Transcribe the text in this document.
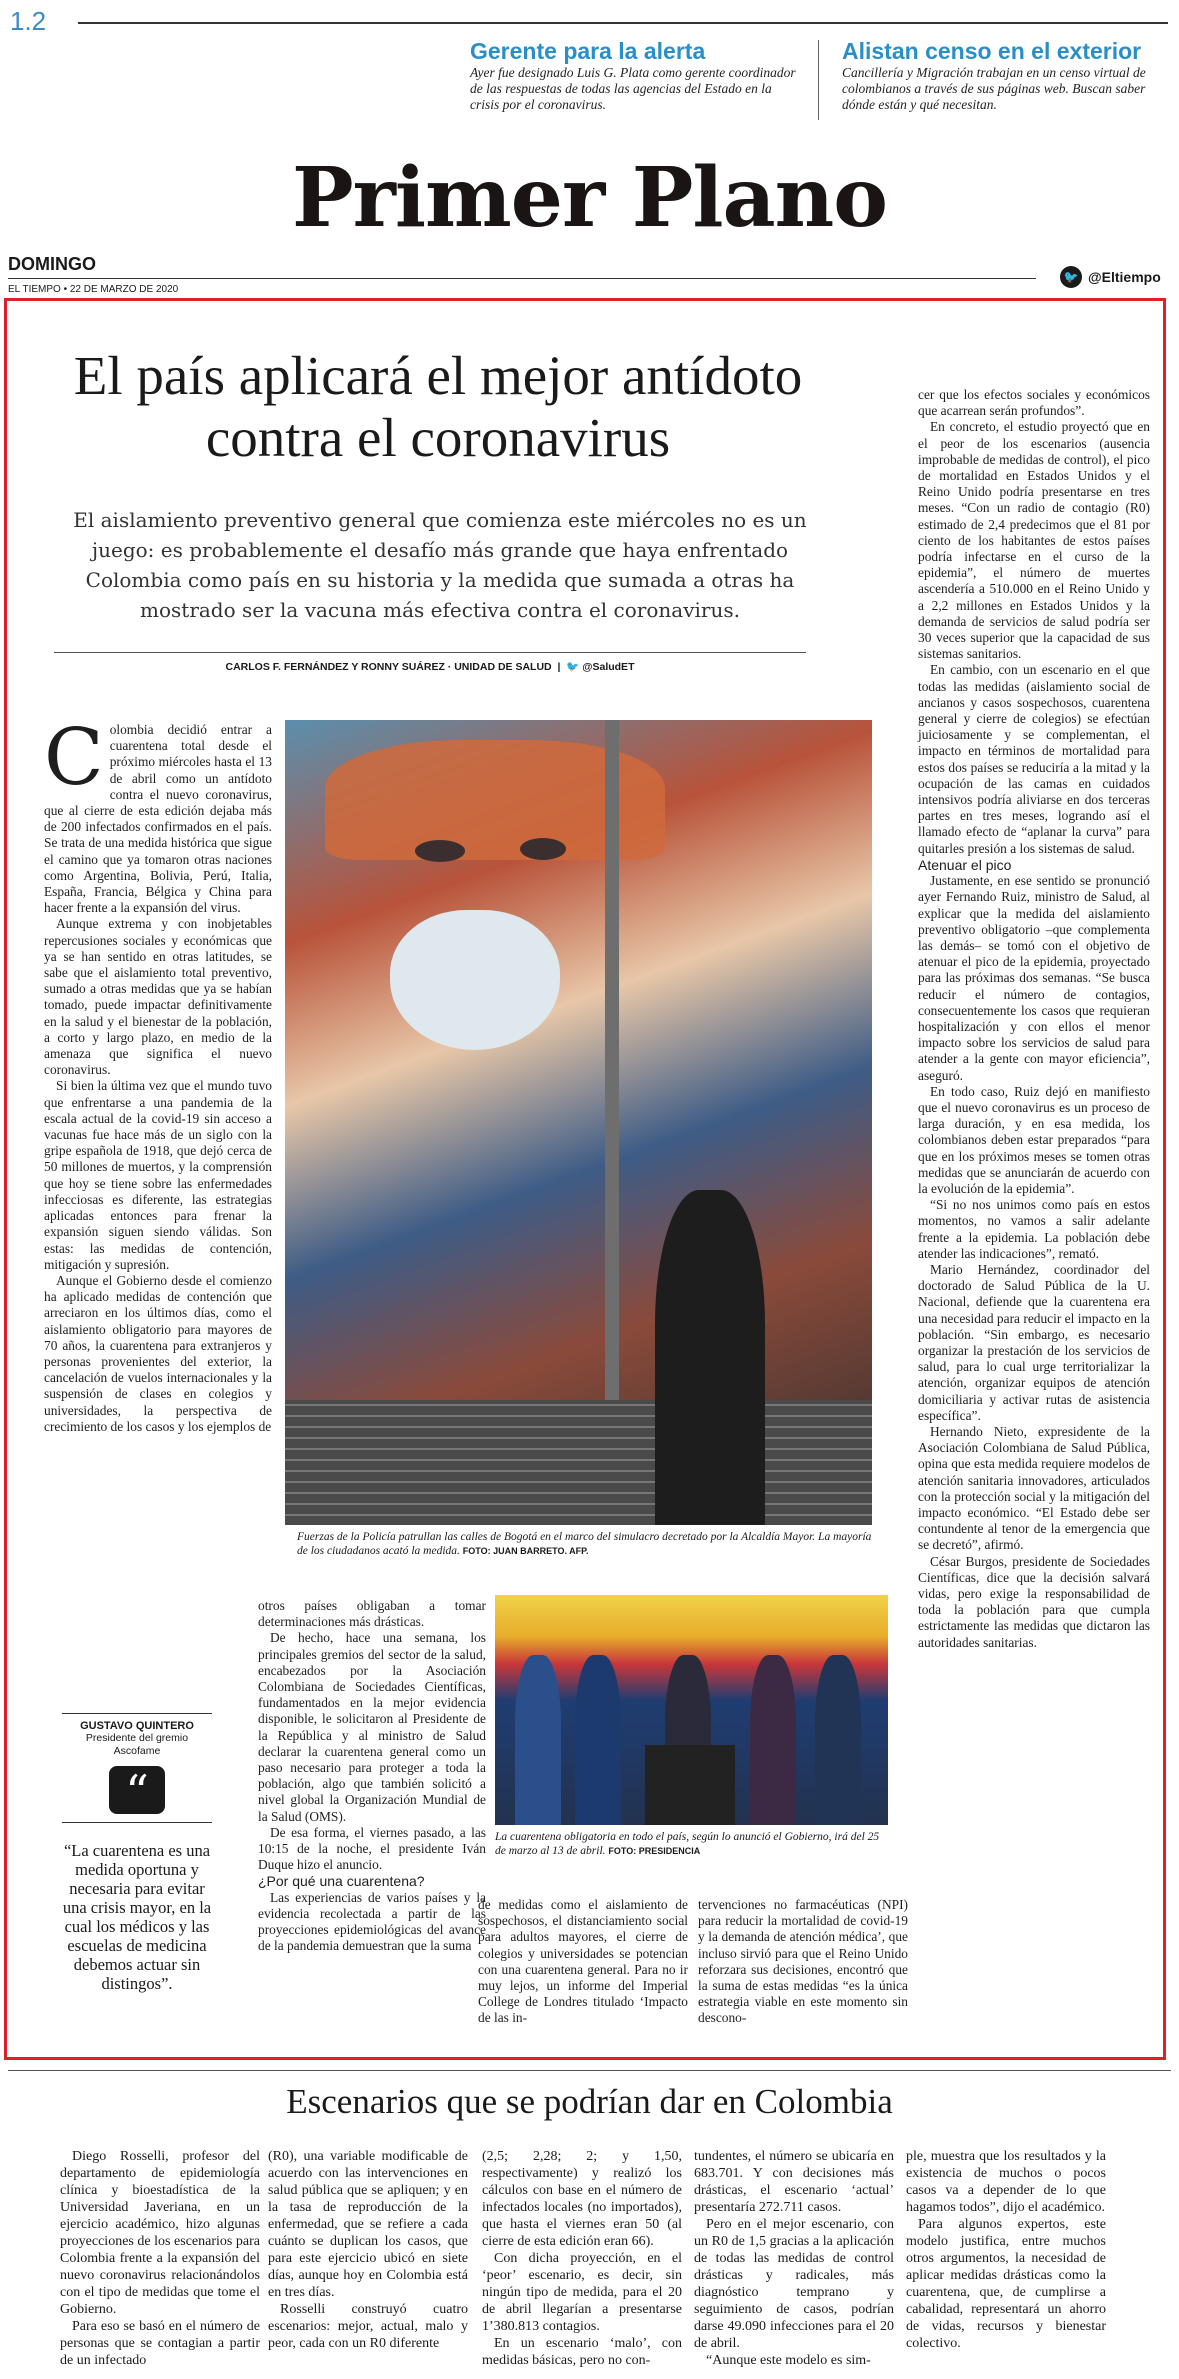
1.2
Gerente para la alerta
Ayer fue designado Luis G. Plata como gerente coordinador de las respuestas de todas las agencias del Estado en la crisis por el coronavirus.
Alistan censo en el exterior
Cancillería y Migración trabajan en un censo virtual de colombianos a través de sus páginas web. Buscan saber dónde están y qué necesitan.
Primer Plano
DOMINGO
EL TIEMPO • 22 DE MARZO DE 2020
🐦 @Eltiempo
El país aplicará el mejor antídoto contra el coronavirus
El aislamiento preventivo general que comienza este miércoles no es un juego: es probablemente el desafío más grande que haya enfrentado Colombia como país en su historia y la medida que sumada a otras ha mostrado ser la vacuna más efectiva contra el coronavirus.
CARLOS F. FERNÁNDEZ Y RONNY SUÁREZ · UNIDAD DE SALUD  |  🐦 @SaludET

Colombia decidió entrar a cuarentena total desde el próximo miércoles hasta el 13 de abril como un antídoto contra el nuevo coronavirus, que al cierre de esta edición dejaba más de 200 infectados confirmados en el país. Se trata de una medida histórica que sigue el camino que ya tomaron otras naciones como Argentina, Bolivia, Perú, Italia, España, Francia, Bélgica y China para hacer frente a la expansión del virus.

Aunque extrema y con inobjetables repercusiones sociales y económicas que ya se han sentido en otras latitudes, se sabe que el aislamiento total preventivo, sumado a otras medidas que ya se habían tomado, puede impactar definitivamente en la salud y el bienestar de la población, a corto y largo plazo, en medio de la amenaza que significa el nuevo coronavirus.

Si bien la última vez que el mundo tuvo que enfrentarse a una pandemia de la escala actual de la covid-19 sin acceso a vacunas fue hace más de un siglo con la gripe española de 1918, que dejó cerca de 50 millones de muertos, y la comprensión que hoy se tiene sobre las enfermedades infecciosas es diferente, las estrategias aplicadas entonces para frenar la expansión siguen siendo válidas. Son estas: las medidas de contención, mitigación y supresión.

Aunque el Gobierno desde el comienzo ha aplicado medidas de contención que arreciaron en los últimos días, como el aislamiento obligatorio para mayores de 70 años, la cuarentena para extranjeros y personas provenientes del exterior, la cancelación de vuelos internacionales y la suspensión de clases en colegios y universidades, la perspectiva de crecimiento de los casos y los ejemplos de

Fuerzas de la Policía patrullan las calles de Bogotá en el marco del simulacro decretado por la Alcaldía Mayor. La mayoría de los ciudadanos acató la medida. FOTO: JUAN BARRETO. AFP.
GUSTAVO QUINTERO
Presidente del gremio Ascofame
“
“La cuarentena es una medida oportuna y necesaria para evitar una crisis mayor, en la cual los médicos y las escuelas de medicina debemos actuar sin distingos”.

otros países obligaban a tomar determinaciones más drásticas.

De hecho, hace una semana, los principales gremios del sector de la salud, encabezados por la Asociación Colombiana de Sociedades Científicas, fundamentados en la mejor evidencia disponible, le solicitaron al Presidente de la República y al ministro de Salud declarar la cuarentena general como un paso necesario para proteger a toda la población, algo que también solicitó a nivel global la Organización Mundial de la Salud (OMS).

De esa forma, el viernes pasado, a las 10:15 de la noche, el presidente Iván Duque hizo el anuncio.

¿Por qué una cuarentena?

Las experiencias de varios países y la evidencia recolectada a partir de las proyecciones epidemiológicas del avance de la pandemia demuestran que la suma

La cuarentena obligatoria en todo el país, según lo anunció el Gobierno, irá del 25 de marzo al 13 de abril. FOTO: PRESIDENCIA

de medidas como el aislamiento de sospechosos, el distanciamiento social para adultos mayores, el cierre de colegios y universidades se potencian con una cuarentena general. Para no ir muy lejos, un informe del Imperial College de Londres titulado ‘Impacto de las in-

tervenciones no farmacéuticas (NPI) para reducir la mortalidad de covid-19 y la demanda de atención médica’, que incluso sirvió para que el Reino Unido reforzara sus decisiones, encontró que la suma de estas medidas “es la única estrategia viable en este momento sin descono-

cer que los efectos sociales y económicos que acarrean serán profundos”.

En concreto, el estudio proyectó que en el peor de los escenarios (ausencia improbable de medidas de control), el pico de mortalidad en Estados Unidos y el Reino Unido podría presentarse en tres meses. “Con un radio de contagio (R0) estimado de 2,4 predecimos que el 81 por ciento de los habitantes de estos países podría infectarse en el curso de la epidemia”, el número de muertes ascendería a 510.000 en el Reino Unido y a 2,2 millones en Estados Unidos y la demanda de servicios de salud podría ser 30 veces superior que la capacidad de sus sistemas sanitarios.

En cambio, con un escenario en el que todas las medidas (aislamiento social de ancianos y casos sospechosos, cuarentena general y cierre de colegios) se efectúan juiciosamente y se complementan, el impacto en términos de mortalidad para estos dos países se reduciría a la mitad y la ocupación de las camas en cuidados intensivos podría aliviarse en dos terceras partes en tres meses, logrando así el llamado efecto de “aplanar la curva” para quitarles presión a los sistemas de salud.

Atenuar el pico

Justamente, en ese sentido se pronunció ayer Fernando Ruiz, ministro de Salud, al explicar que la medida del aislamiento preventivo obligatorio –que complementa las demás– se tomó con el objetivo de atenuar el pico de la epidemia, proyectado para las próximas dos semanas. “Se busca reducir el número de contagios, consecuentemente los casos que requieran hospitalización y con ellos el menor impacto sobre los servicios de salud para atender a la gente con mayor eficiencia”, aseguró.

En todo caso, Ruiz dejó en manifiesto que el nuevo coronavirus es un proceso de larga duración, y en esa medida, los colombianos deben estar preparados “para que en los próximos meses se tomen otras medidas que se anunciarán de acuerdo con la evolución de la epidemia”.

“Si no nos unimos como país en estos momentos, no vamos a salir adelante frente a la epidemia. La población debe atender las indicaciones”, remató.

Mario Hernández, coordinador del doctorado de Salud Pública de la U. Nacional, defiende que la cuarentena era una necesidad para reducir el impacto en la población. “Sin embargo, es necesario organizar la prestación de los servicios de salud, para lo cual urge territorializar la atención, organizar equipos de atención domiciliaria y activar rutas de asistencia específica”.

Hernando Nieto, expresidente de la Asociación Colombiana de Salud Pública, opina que esta medida requiere modelos de atención sanitaria innovadores, articulados con la protección social y la mitigación del impacto económico. “El Estado debe ser contundente al tenor de la emergencia que se decretó”, afirmó.

César Burgos, presidente de Sociedades Científicas, dice que la decisión salvará vidas, pero exige la responsabilidad de toda la población para que cumpla estrictamente las medidas que dictaron las autoridades sanitarias.

Escenarios que se podrían dar en Colombia

Diego Rosselli, profesor del departamento de epidemiología clínica y bioestadística de la Universidad Javeriana, en un ejercicio académico, hizo algunas proyecciones de los escenarios para Colombia frente a la expansión del nuevo coronavirus relacionándolos con el tipo de medidas que tome el Gobierno.

Para eso se basó en el número de personas que se contagian a partir de un infectado

(R0), una variable modificable de acuerdo con las intervenciones en salud pública que se apliquen; y en la tasa de reproducción de la enfermedad, que se refiere a cada cuánto se duplican los casos, que para este ejercicio ubicó en siete días, aunque hoy en Colombia está en tres días.

Rosselli construyó cuatro escenarios: mejor, actual, malo y peor, cada con un R0 diferente

(2,5; 2,28; 2; y 1,50, respectivamente) y realizó los cálculos con base en el número de infectados locales (no importados), que hasta el viernes eran 50 (al cierre de esta edición eran 66).

Con dicha proyección, en el ‘peor’ escenario, es decir, sin ningún tipo de medida, para el 20 de abril llegarían a presentarse 1’380.813 contagios.

En un escenario ‘malo’, con medidas básicas, pero no con-

tundentes, el número se ubicaría en 683.701. Y con decisiones más drásticas, el escenario ‘actual’ presentaría 272.711 casos.

Pero en el mejor escenario, con un R0 de 1,5 gracias a la aplicación de todas las medidas de control drásticas y radicales, más diagnóstico temprano y seguimiento de casos, podrían darse 49.090 infecciones para el 20 de abril.

“Aunque este modelo es sim-

ple, muestra que los resultados y la existencia de muchos o pocos casos va a depender de lo que hagamos todos”, dijo el académico.

Para algunos expertos, este modelo justifica, entre muchos otros argumentos, la necesidad de aplicar medidas drásticas como la cuarentena, que, de cumplirse a cabalidad, representará un ahorro de vidas, recursos y bienestar colectivo.
